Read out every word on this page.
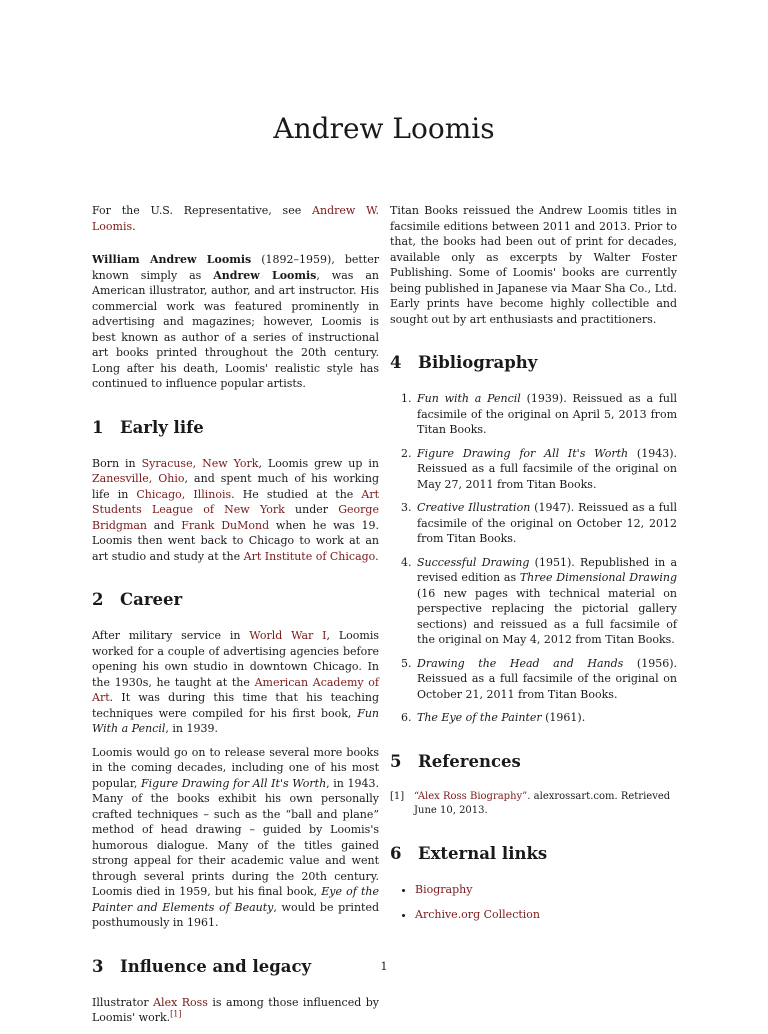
Andrew Loomis

For the U.S. Representative, see Andrew W. Loomis.

William Andrew Loomis (1892–1959), better known simply as Andrew Loomis, was an American illustrator, author, and art instructor. His commercial work was featured prominently in advertising and magazines; however, Loomis is best known as author of a series of instructional art books printed throughout the 20th century. Long after his death, Loomis' realistic style has continued to influence popular artists.

1 Early life

Born in Syracuse, New York, Loomis grew up in Zanesville, Ohio, and spent much of his working life in Chicago, Illinois. He studied at the Art Students League of New York under George Bridgman and Frank DuMond when he was 19. Loomis then went back to Chicago to work at an art studio and study at the Art Institute of Chicago.

2 Career

After military service in World War I, Loomis worked for a couple of advertising agencies before opening his own studio in downtown Chicago. In the 1930s, he taught at the American Academy of Art. It was during this time that his teaching techniques were compiled for his first book, Fun With a Pencil, in 1939.

Loomis would go on to release several more books in the coming decades, including one of his most popular, Figure Drawing for All It's Worth, in 1943. Many of the books exhibit his own personally crafted techniques – such as the “ball and plane” method of head drawing – guided by Loomis's humorous dialogue. Many of the titles gained strong appeal for their academic value and went through several prints during the 20th century. Loomis died in 1959, but his final book, Eye of the Painter and Elements of Beauty, would be printed posthumously in 1961.

3 Influence and legacy

Illustrator Alex Ross is among those influenced by Loomis' work.[1]

Titan Books reissued the Andrew Loomis titles in facsimile editions between 2011 and 2013. Prior to that, the books had been out of print for decades, available only as excerpts by Walter Foster Publishing. Some of Loomis' books are currently being published in Japanese via Maar Sha Co., Ltd. Early prints have become highly collectible and sought out by art enthusiasts and practitioners.

4 Bibliography
1. Fun with a Pencil (1939). Reissued as a full facsimile of the original on April 5, 2013 from Titan Books.
2. Figure Drawing for All It's Worth (1943). Reissued as a full facsimile of the original on May 27, 2011 from Titan Books.
3. Creative Illustration (1947). Reissued as a full facsimile of the original on October 12, 2012 from Titan Books.
4. Successful Drawing (1951). Republished in a revised edition as Three Dimensional Drawing (16 new pages with technical material on perspective replacing the pictorial gallery sections) and reissued as a full facsimile of the original on May 4, 2012 from Titan Books.
5. Drawing the Head and Hands (1956). Reissued as a full facsimile of the original on October 21, 2011 from Titan Books.
6. The Eye of the Painter (1961).
5 References
[1] “Alex Ross Biography”. alexrossart.com. Retrieved June 10, 2013.
6 External links
• Biography
• Archive.org Collection
1
